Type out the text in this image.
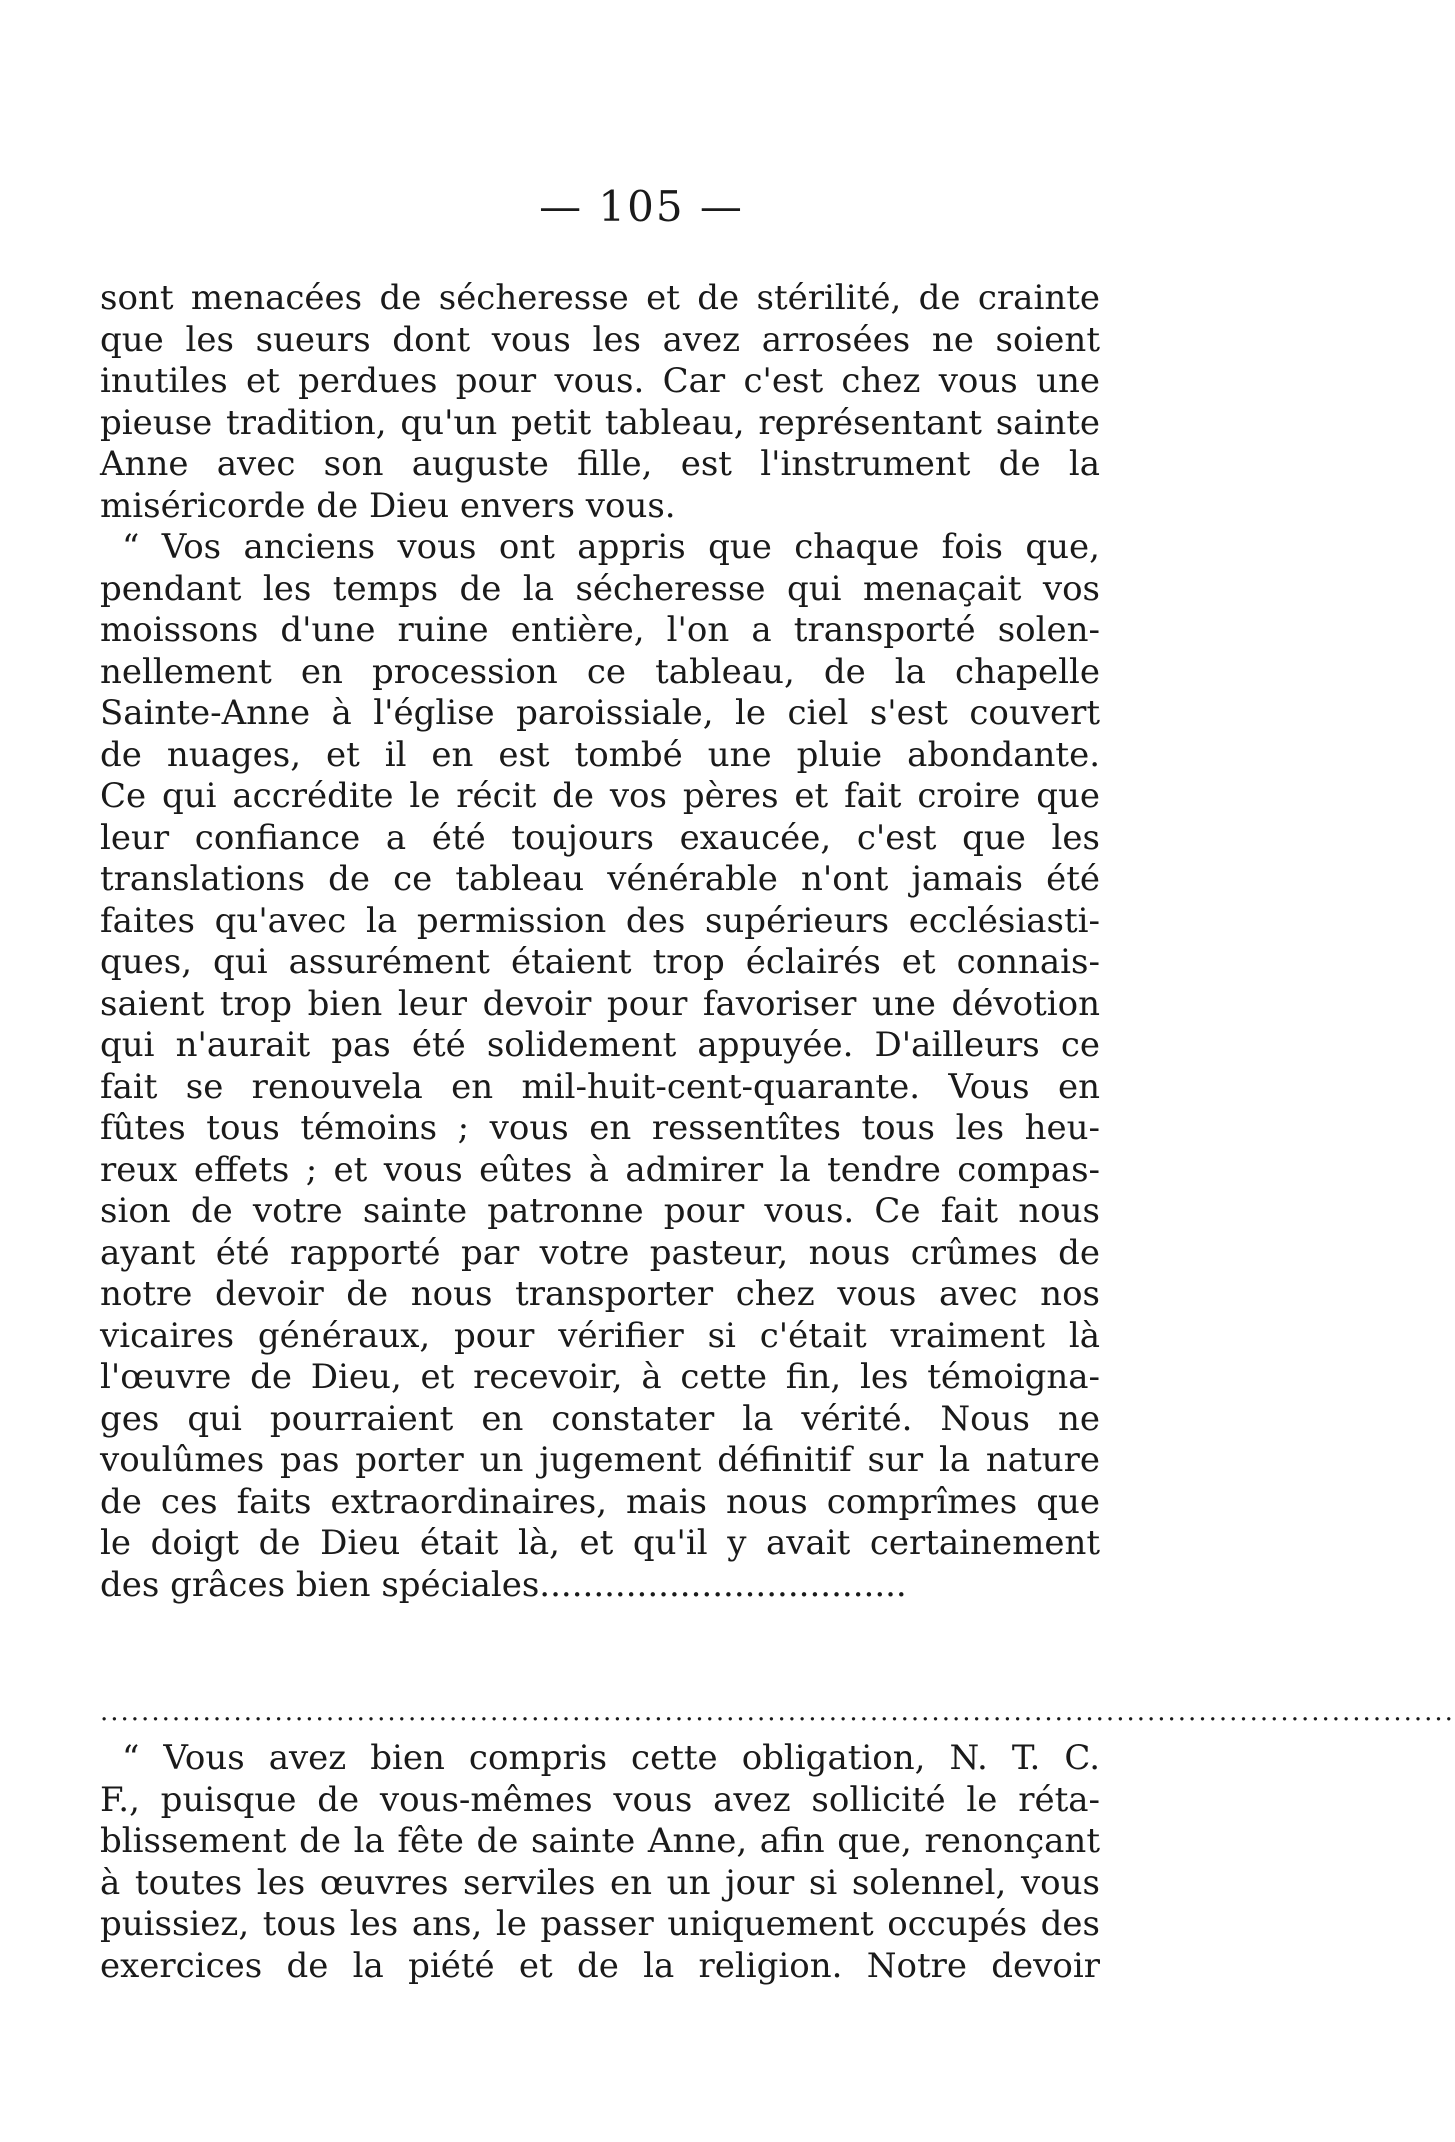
— 105 —
sont menacées de sécheresse et de stérilité, de crainte
que les sueurs dont vous les avez arrosées ne soient
inutiles et perdues pour vous. Car c'est chez vous une
pieuse tradition, qu'un petit tableau, représentant sainte
Anne avec son auguste fille, est l'instrument de la
miséricorde de Dieu envers vous.
“ Vos anciens vous ont appris que chaque fois que,
pendant les temps de la sécheresse qui menaçait vos
moissons d'une ruine entière, l'on a transporté solen-
nellement en procession ce tableau, de la chapelle
Sainte-Anne à l'église paroissiale, le ciel s'est couvert
de nuages, et il en est tombé une pluie abondante.
Ce qui accrédite le récit de vos pères et fait croire que
leur confiance a été toujours exaucée, c'est que les
translations de ce tableau vénérable n'ont jamais été
faites qu'avec la permission des supérieurs ecclésiasti-
ques, qui assurément étaient trop éclairés et connais-
saient trop bien leur devoir pour favoriser une dévotion
qui n'aurait pas été solidement appuyée. D'ailleurs ce
fait se renouvela en mil-huit-cent-quarante. Vous en
fûtes tous témoins ; vous en ressentîtes tous les heu-
reux effets ; et vous eûtes à admirer la tendre compas-
sion de votre sainte patronne pour vous. Ce fait nous
ayant été rapporté par votre pasteur, nous crûmes de
notre devoir de nous transporter chez vous avec nos
vicaires généraux, pour vérifier si c'était vraiment là
l'œuvre de Dieu, et recevoir, à cette fin, les témoigna-
ges qui pourraient en constater la vérité. Nous ne
voulûmes pas porter un jugement définitif sur la nature
de ces faits extraordinaires, mais nous comprîmes que
le doigt de Dieu était là, et qu'il y avait certainement
des grâces bien spéciales..................................
....................................................................................................................................
“ Vous avez bien compris cette obligation, N. T. C.
F., puisque de vous-mêmes vous avez sollicité le réta-
blissement de la fête de sainte Anne, afin que, renonçant
à toutes les œuvres serviles en un jour si solennel, vous
puissiez, tous les ans, le passer uniquement occupés des
exercices de la piété et de la religion. Notre devoir
